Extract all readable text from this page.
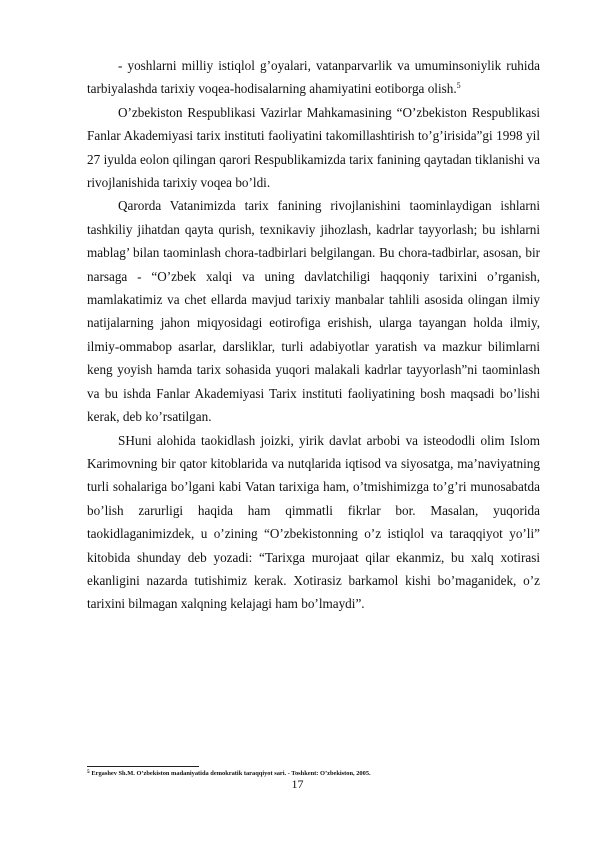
- yoshlarni milliy istiqlol g’oyalari, vatanparvarlik va umuminsoniylik ruhida tarbiyalashda tarixiy voqea-hodisalarning ahamiyatini eotiborga olish.$^5$

O’zbekiston Respublikasi Vazirlar Mahkamasining “O’zbekiston Respublikasi Fanlar Akademiyasi tarix instituti faoliyatini takomillashtirish to’g’irisida”gi 1998 yil 27 iyulda eolon qilingan qarori Respublikamizda tarix fanining qaytadan tiklanishi va rivojlanishida tarixiy voqea bo’ldi.

Qarorda Vatanimizda tarix fanining rivojlanishini taominlaydigan ishlarni tashkiliy jihatdan qayta qurish, texnikaviy jihozlash, kadrlar tayyorlash; bu ishlarni mablag’ bilan taominlash chora-tadbirlari belgilangan. Bu chora-tadbirlar, asosan, bir narsaga - “O’zbek xalqi va uning davlatchiligi haqqoniy tarixini o’rganish, mamlakatimiz va chet ellarda mavjud tarixiy manbalar tahlili asosida olingan ilmiy natijalarning jahon miqyosidagi eotirofiga erishish, ularga tayangan holda ilmiy, ilmiy-ommabop asarlar, darsliklar, turli adabiyotlar yaratish va mazkur bilimlarni keng yoyish hamda tarix sohasida yuqori malakali kadrlar tayyorlash”ni taominlash va bu ishda Fanlar Akademiyasi Tarix instituti faoliyatining bosh maqsadi bo’lishi kerak, deb ko’rsatilgan.

SHuni alohida taokidlash joizki, yirik davlat arbobi va isteododli olim Islom Karimovning bir qator kitoblarida va nutqlarida iqtisod va siyosatga, ma’naviyatning turli sohalariga bo’lgani kabi Vatan tarixiga ham, o’tmishimizga to’g’ri munosabatda bo’lish zarurligi haqida ham qimmatli fikrlar bor. Masalan, yuqorida taokidlaganimizdek, u o’zining “O’zbekistonning o’z istiqlol va taraqqiyot yo’li” kitobida shunday deb yozadi: “Tarixga murojaat qilar ekanmiz, bu xalq xotirasi ekanligini nazarda tutishimiz kerak. Xotirasiz barkamol kishi bo’maganidek, o’z tarixini bilmagan xalqning kelajagi ham bo’lmaydi”.

$^5$ Ergashev Sh.M. O’zbekiston madaniyatida demokratik taraqqiyot sari. - Toshkent: O’zbekiston, 2005.
17
